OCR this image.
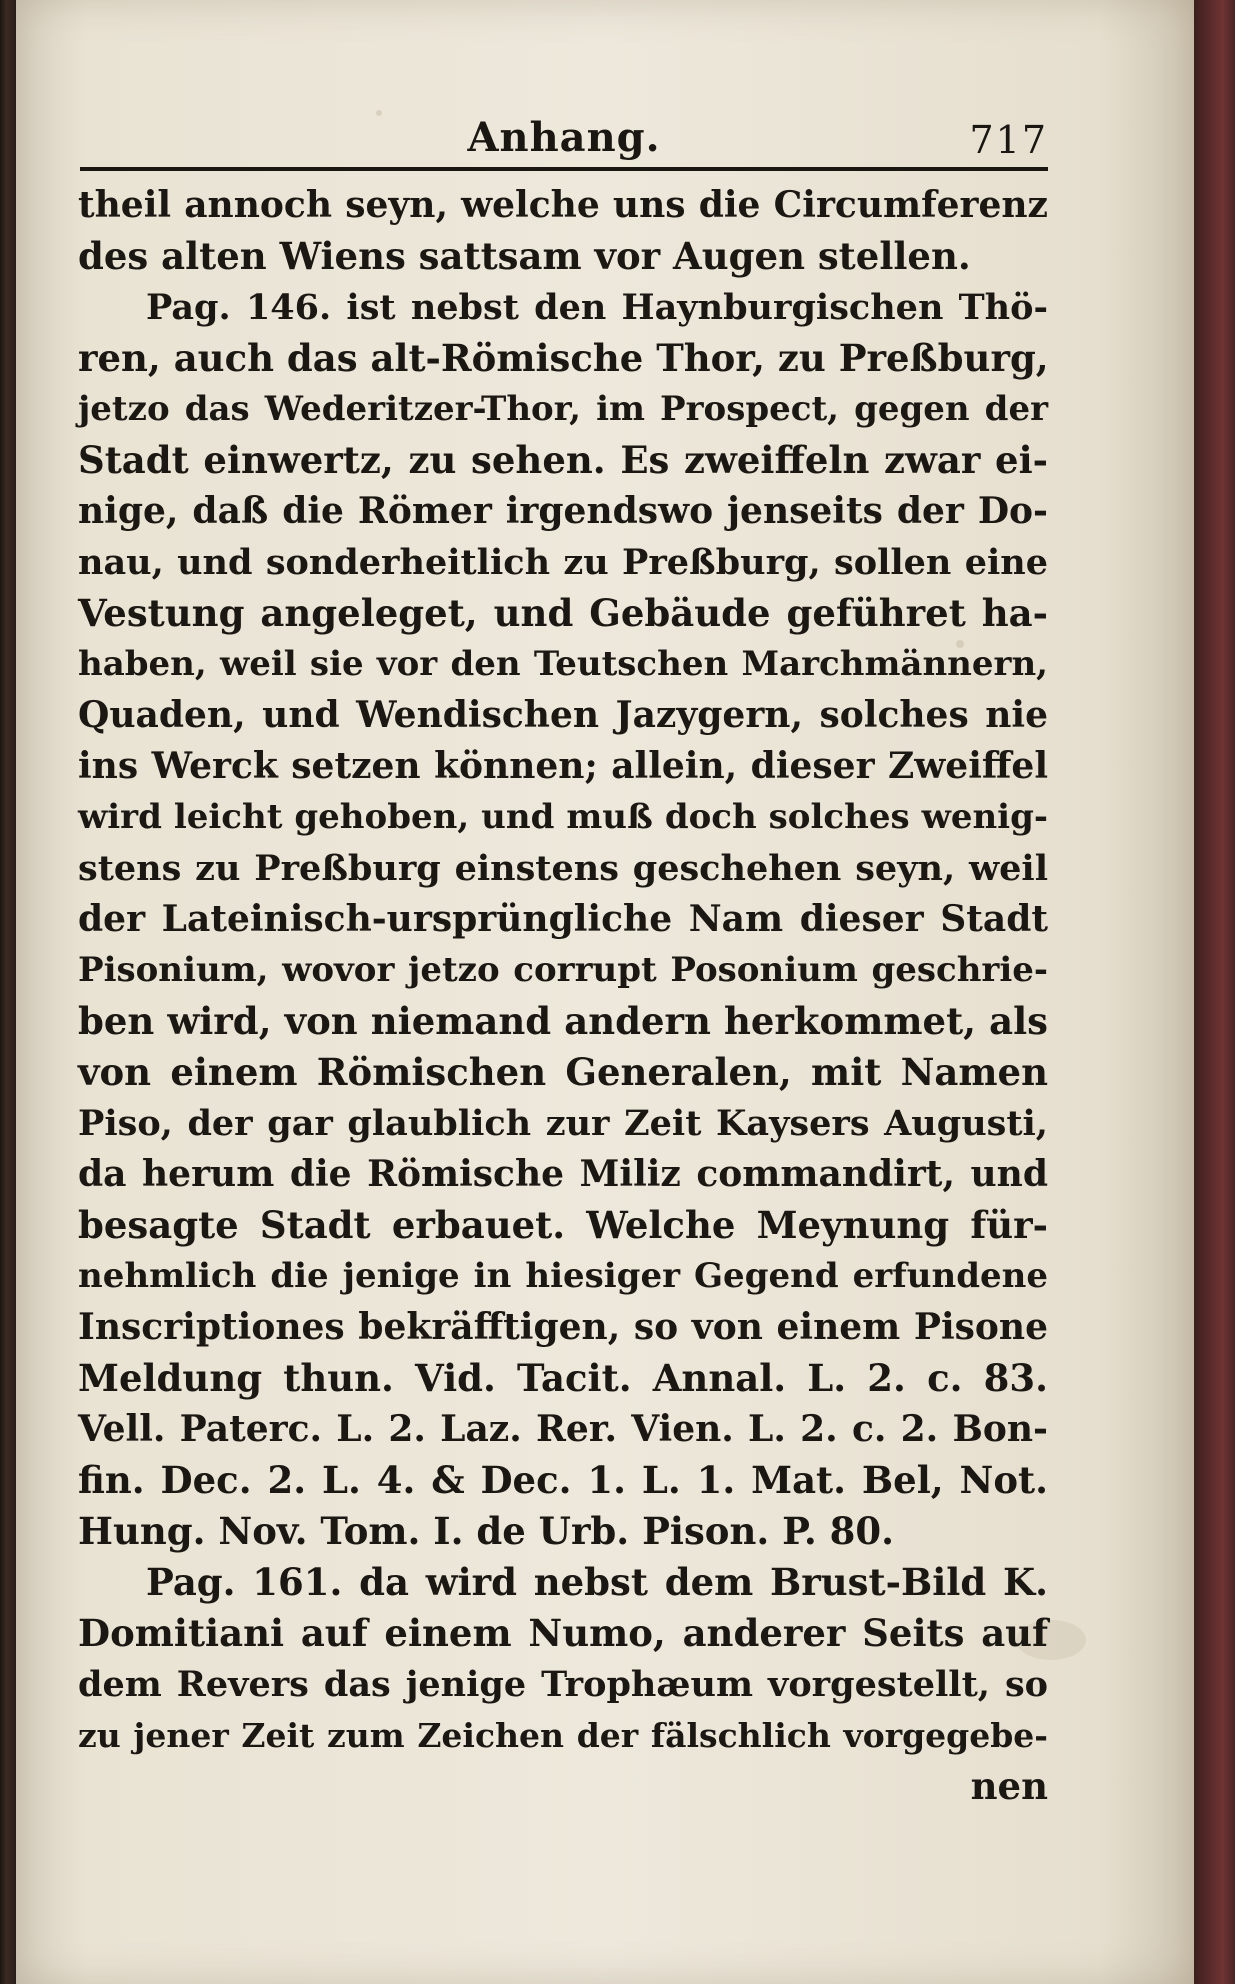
Anhang.	717
theil annoch seyn, welche uns die Circumferenz
des alten Wiens sattsam vor Augen stellen.
Pag. 146. ist nebst den Haynburgischen Thö-
ren, auch das alt-Römische Thor, zu Preßburg,
jetzo das Wederitzer-Thor, im Prospect, gegen der
Stadt einwertz, zu sehen. Es zweiffeln zwar ei-
nige, daß die Römer irgendswo jenseits der Do-
nau, und sonderheitlich zu Preßburg, sollen eine
Vestung angeleget, und Gebäude geführet ha-
haben, weil sie vor den Teutschen Marchmännern,
Quaden, und Wendischen Jazygern, solches nie
ins Werck setzen können; allein, dieser Zweiffel
wird leicht gehoben, und muß doch solches wenig-
stens zu Preßburg einstens geschehen seyn, weil
der Lateinisch-ursprüngliche Nam dieser Stadt
Pisonium, wovor jetzo corrupt Posonium geschrie-
ben wird, von niemand andern herkommet, als
von einem Römischen Generalen, mit Namen
Piso, der gar glaublich zur Zeit Kaysers Augusti,
da herum die Römische Miliz commandirt, und
besagte Stadt erbauet. Welche Meynung für-
nehmlich die jenige in hiesiger Gegend erfundene
Inscriptiones bekräfftigen, so von einem Pisone
Meldung thun. Vid. Tacit. Annal. L. 2. c. 83.
Vell. Paterc. L. 2. Laz. Rer. Vien. L. 2. c. 2. Bon-
fin. Dec. 2. L. 4. & Dec. 1. L. 1. Mat. Bel, Not.
Hung. Nov. Tom. I. de Urb. Pison. P. 80.
Pag. 161. da wird nebst dem Brust-Bild K.
Domitiani auf einem Numo, anderer Seits auf
dem Revers das jenige Trophæum vorgestellt, so
zu jener Zeit zum Zeichen der fälschlich vorgegebe-
nen
